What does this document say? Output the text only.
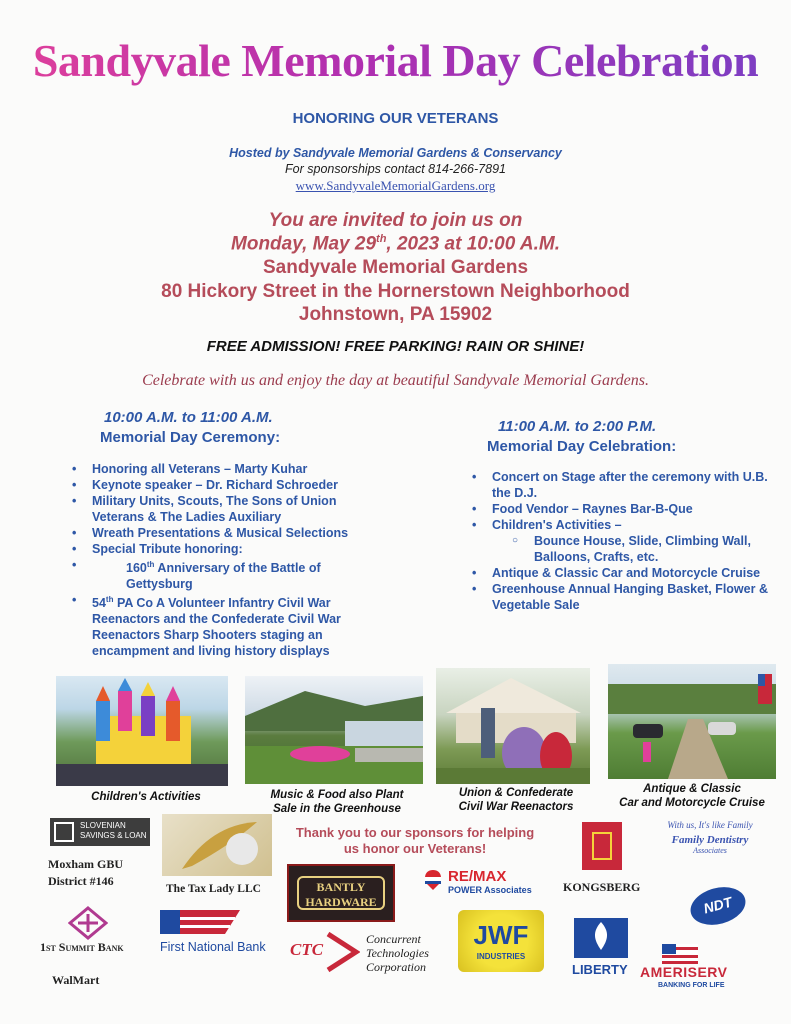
Sandyvale Memorial Day Celebration
HONORING OUR VETERANS
Hosted by Sandyvale Memorial Gardens & Conservancy
For sponsorships contact 814-266-7891
www.SandyvaleMemorialGardens.org
You are invited to join us on
Monday, May 29th, 2023 at 10:00 A.M.
Sandyvale Memorial Gardens
80 Hickory Street in the Hornerstown Neighborhood
Johnstown, PA 15902
FREE ADMISSION! FREE PARKING! RAIN OR SHINE!
Celebrate with us and enjoy the day at beautiful Sandyvale Memorial Gardens.
10:00 A.M. to 11:00 A.M.
Memorial Day Ceremony:
• Honoring all Veterans – Marty Kuhar
• Keynote speaker – Dr. Richard Schroeder
• Military Units, Scouts, The Sons of Union Veterans & The Ladies Auxiliary
• Wreath Presentations & Musical Selections
• Special Tribute honoring:
• 160th Anniversary of the Battle of Gettysburg
• 54th PA Co A Volunteer Infantry Civil War Reenactors and the Confederate Civil War Reenactors Sharp Shooters staging an encampment and living history displays
11:00 A.M. to 2:00 P.M.
Memorial Day Celebration:
• Concert on Stage after the ceremony with U.B. the D.J.
• Food Vendor – Raynes Bar-B-Que
• Children's Activities –
○ Bounce House, Slide, Climbing Wall, Balloons, Crafts, etc.
• Antique & Classic Car and Motorcycle Cruise
• Greenhouse Annual Hanging Basket, Flower & Vegetable Sale
Children's Activities	Music & Food also Plant
Sale in the Greenhouse
Union & Confederate
Civil War Reenactors
Antique & Classic
Car and Motorcycle Cruise
Thank you to our sponsors for helping
us honor our Veterans!
SLOVENIAN
SAVINGS & LOAN
Moxham GBU
District #146
The Tax Lady LLC	BANTLY
HARDWARE
RE/MAX
POWER Associates	KONGSBERG
With us, It's like Family
Family Dentistry
Associates
1st Summit Bank	First National Bank CTC
Concurrent
Technologies
Corporation
JWF
INDUSTRIES
LIBERTY
NDT
AMERISERV
BANKING FOR LIFE
WalMart
